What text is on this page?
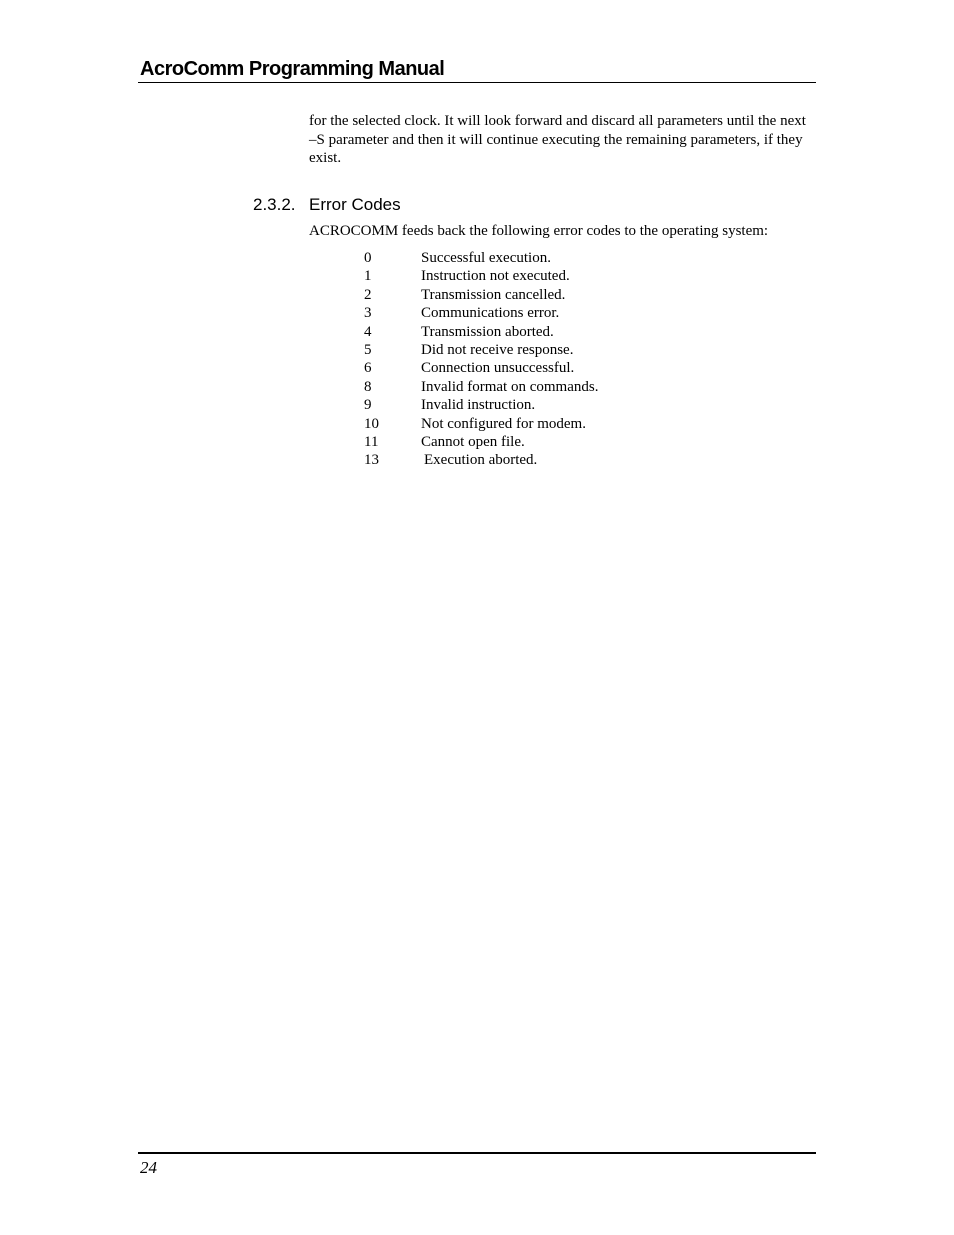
AcroComm Programming Manual

for the selected clock. It will look forward and discard all parameters until the next –S parameter and then it will continue executing the remaining parameters, if they exist.

2.3.2. Error Codes
ACROCOMM feeds back the following error codes to the operating system:
0	Successful execution.
1	Instruction not executed.
2	Transmission cancelled.
3	Communications error.
4	Transmission aborted.
5	Did not receive response.
6	Connection unsuccessful.
8	Invalid format on commands.
9	Invalid instruction.
10	Not configured for modem.
11	Cannot open file.
13	Execution aborted.
24
